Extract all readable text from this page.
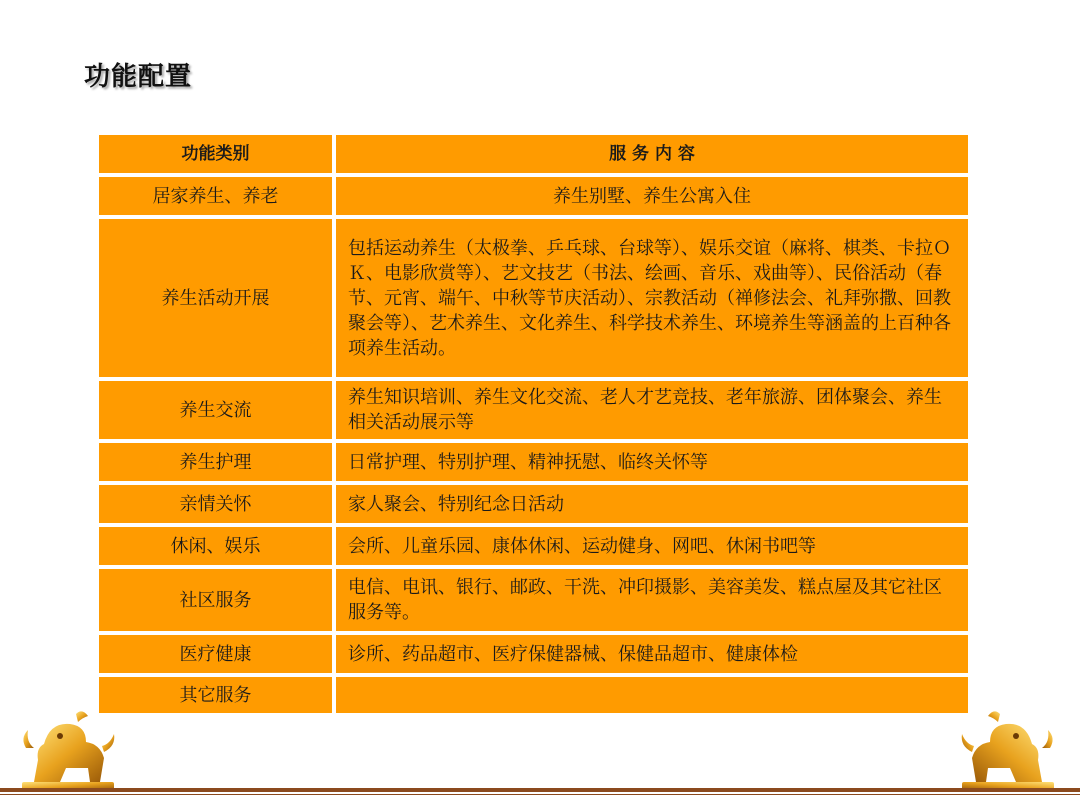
功能配置
功能类别	服 务 内 容
居家养生、养老	养生别墅、养生公寓入住
养生活动开展	包括运动养生（太极拳、乒乓球、台球等）、娱乐交谊（麻将、棋类、卡拉ＯＫ、电影欣赏等）、艺文技艺（书法、绘画、音乐、戏曲等）、民俗活动（春节、元宵、端午、中秋等节庆活动）、宗教活动（禅修法会、礼拜弥撒、回教聚会等）、艺术养生、文化养生、科学技术养生、环境养生等涵盖的上百种各项养生活动。
养生交流	养生知识培训、养生文化交流、老人才艺竞技、老年旅游、团体聚会、养生相关活动展示等
养生护理	日常护理、特别护理、精神抚慰、临终关怀等
亲情关怀	家人聚会、特别纪念日活动
休闲、娱乐	会所、儿童乐园、康体休闲、运动健身、网吧、休闲书吧等
社区服务	电信、电讯、银行、邮政、干洗、冲印摄影、美容美发、糕点屋及其它社区服务等。
医疗健康	诊所、药品超市、医疗保健器械、保健品超市、健康体检
其它服务	
